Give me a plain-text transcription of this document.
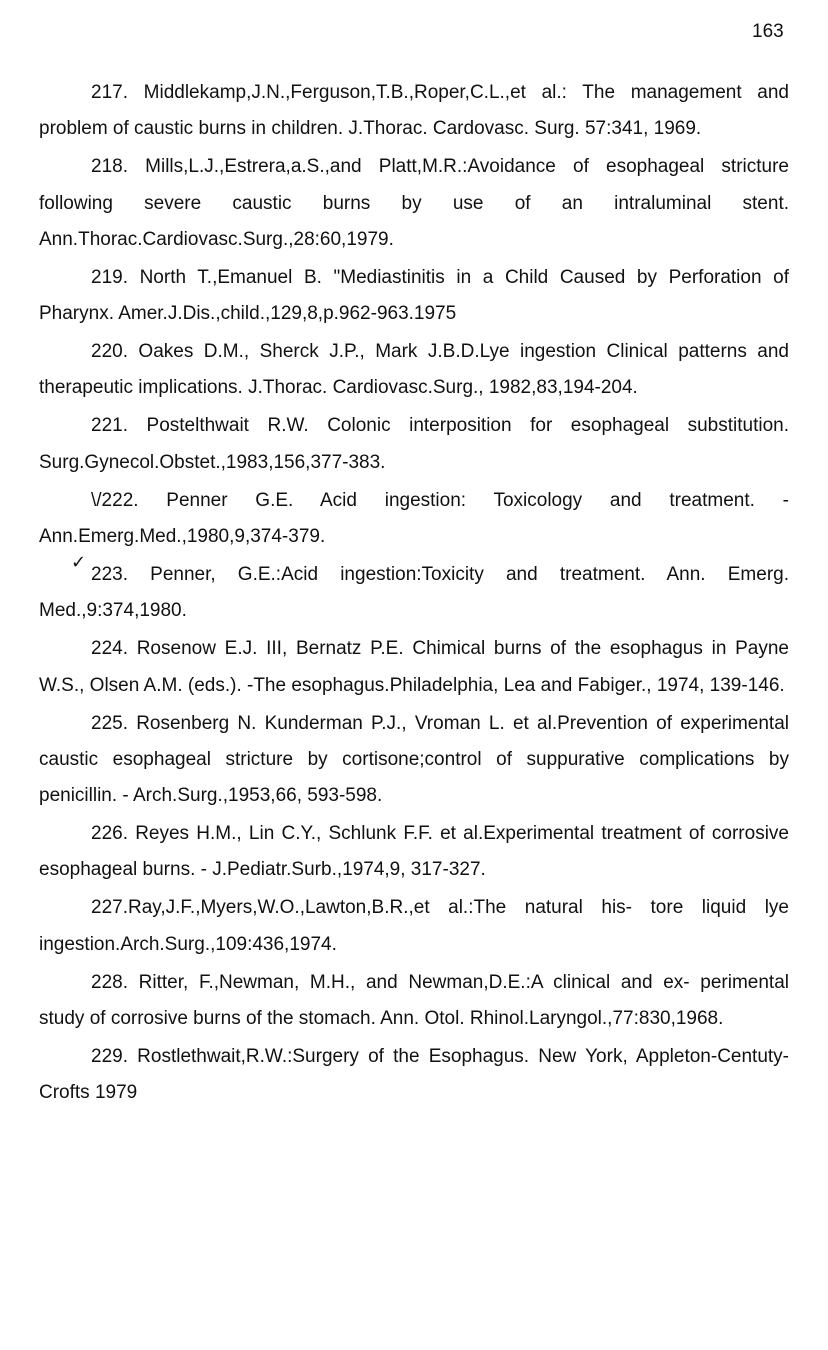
163
217. Middlekamp,J.N.,Ferguson,T.B.,Roper,C.L.,et al.: The management and problem of caustic burns in children. J.Thorac. Cardovasc. Surg. 57:341, 1969.
218. Mills,L.J.,Estrera,a.S.,and Platt,M.R.:Avoidance of esophageal stricture following severe caustic burns by use of an intraluminal stent. Ann.Thorac.Cardiovasc.Surg.,28:60,1979.
219. North T.,Emanuel B. "Mediastinitis in a Child Caused by Perforation of Pharynx. Amer.J.Dis.,child.,129,8,p.962-963.1975
220. Oakes D.M., Sherck J.P., Mark J.B.D.Lye ingestion Clinical patterns and therapeutic implications. J.Thorac. Cardiovasc.Surg., 1982,83,194-204.
221. Postelthwait R.W. Colonic interposition for esophageal substitution. Surg.Gynecol.Obstet.,1983,156,377-383.
\/222. Penner G.E. Acid ingestion: Toxicology and treatment. - Ann.Emerg.Med.,1980,9,374-379.
✓
223. Penner, G.E.:Acid ingestion:Toxicity and treatment. Ann. Emerg. Med.,9:374,1980.
224. Rosenow E.J. III, Bernatz P.E. Chimical burns of the esophagus in Payne W.S., Olsen A.M. (eds.). -The esophagus.Philadelphia, Lea and Fabiger., 1974, 139-146.
225. Rosenberg N. Kunderman P.J., Vroman L. et al.Prevention of experimental caustic esophageal stricture by cortisone;control of suppurative complications by penicillin. - Arch.Surg.,1953,66, 593-598.
226. Reyes H.M., Lin C.Y., Schlunk F.F. et al.Experimental treatment of corrosive esophageal burns. - J.Pediatr.Surb.,1974,9, 317-327.
227.Ray,J.F.,Myers,W.O.,Lawton,B.R.,et al.:The natural his- tore liquid lye ingestion.Arch.Surg.,109:436,1974.
228. Ritter, F.,Newman, M.H., and Newman,D.E.:A clinical and ex- perimental study of corrosive burns of the stomach. Ann. Otol. Rhinol.Laryngol.,77:830,1968.
229. Rostlethwait,R.W.:Surgery of the Esophagus. New York, Appleton-Centuty-Crofts 1979
